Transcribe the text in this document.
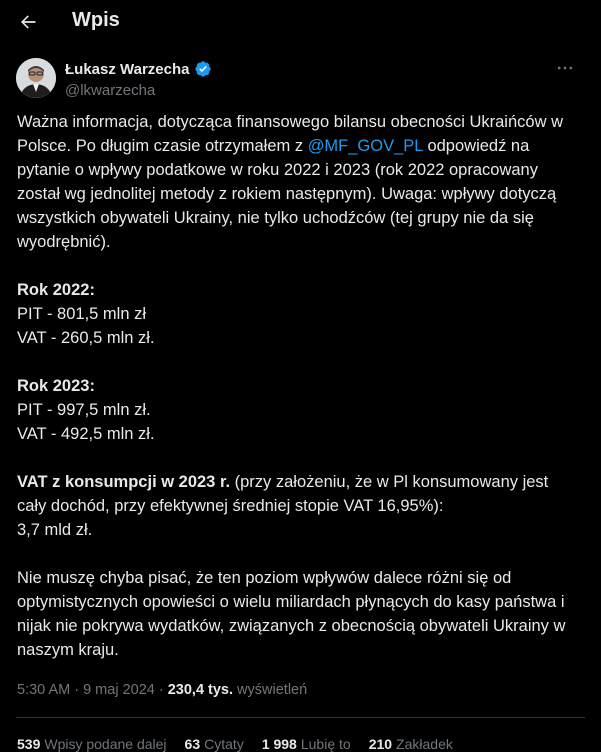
Wpis
Łukasz Warzecha
@lkwarzecha

Ważna informacja, dotycząca finansowego bilansu obecności Ukraińców w Polsce. Po długim czasie otrzymałem z @MF_GOV_PL odpowiedź na pytanie o wpływy podatkowe w roku 2022 i 2023 (rok 2022 opracowany został wg jednolitej metody z rokiem następnym). Uwaga: wpływy dotyczą wszystkich obywateli Ukrainy, nie tylko uchodźców (tej grupy nie da się wyodrębnić).

Rok 2022:

PIT - 801,5 mln zł

VAT - 260,5 mln zł.

Rok 2023:

PIT - 997,5 mln zł.

VAT - 492,5 mln zł.

VAT z konsumpcji w 2023 r. (przy założeniu, że w Pl konsumowany jest cały dochód, przy efektywnej średniej stopie VAT 16,95%):

3,7 mld zł.

Nie muszę chyba pisać, że ten poziom wpływów dalece różni się od optymistycznych opowieści o wielu miliardach płynących do kasy państwa i nijak nie pokrywa wydatków, związanych z obecnością obywateli Ukrainy w naszym kraju.

5:30 AM · 9 maj 2024 · 230,4 tys. wyświetleń
539 Wpisy podane dalej 63 Cytaty 1 998 Lubię to 210 Zakładek
